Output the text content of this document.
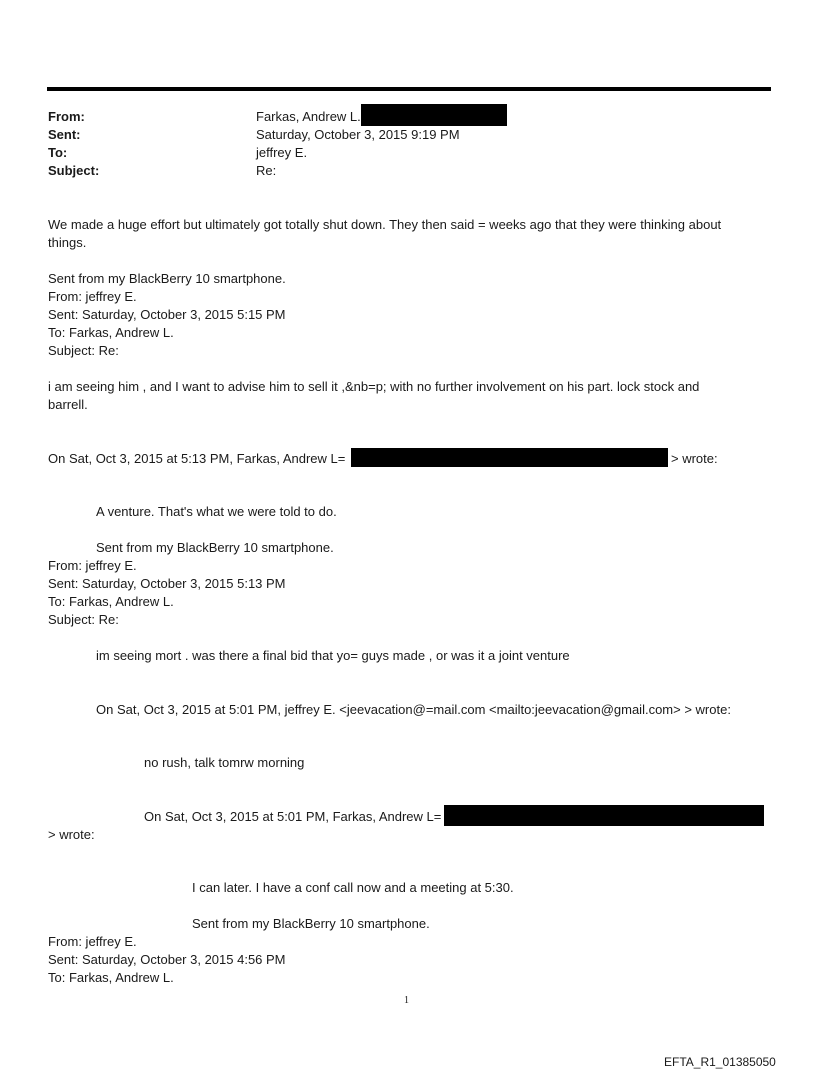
From:	Farkas, Andrew L.
Sent:	Saturday, October 3, 2015 9:19 PM
To:	jeffrey E.
Subject:	Re:
We made a huge effort but ultimately got totally shut down. They then said = weeks ago that they were thinking about
things.
Sent from my BlackBerry 10 smartphone.
From: jeffrey E.
Sent: Saturday, October 3, 2015 5:15 PM
To: Farkas, Andrew L.
Subject: Re:
i am seeing him , and I want to advise him to sell it ,&nb=p; with no further involvement on his part. lock stock and
barrell.
On Sat, Oct 3, 2015 at 5:13 PM, Farkas, Andrew L=	> wrote:
A venture. That's what we were told to do.
Sent from my BlackBerry 10 smartphone.
From: jeffrey E.
Sent: Saturday, October 3, 2015 5:13 PM
To: Farkas, Andrew L.
Subject: Re:
im seeing mort . was there a final bid that yo= guys made , or was it a joint venture
On Sat, Oct 3, 2015 at 5:01 PM, jeffrey E. <jeevacation@=mail.com <mailto:jeevacation@gmail.com> > wrote:
no rush, talk tomrw morning
On Sat, Oct 3, 2015 at 5:01 PM, Farkas, Andrew L=
> wrote:
I can later. I have a conf call now and a meeting at 5:30.
Sent from my BlackBerry 10 smartphone.
From: jeffrey E.
Sent: Saturday, October 3, 2015 4:56 PM
To: Farkas, Andrew L.
1
EFTA_R1_01385050
